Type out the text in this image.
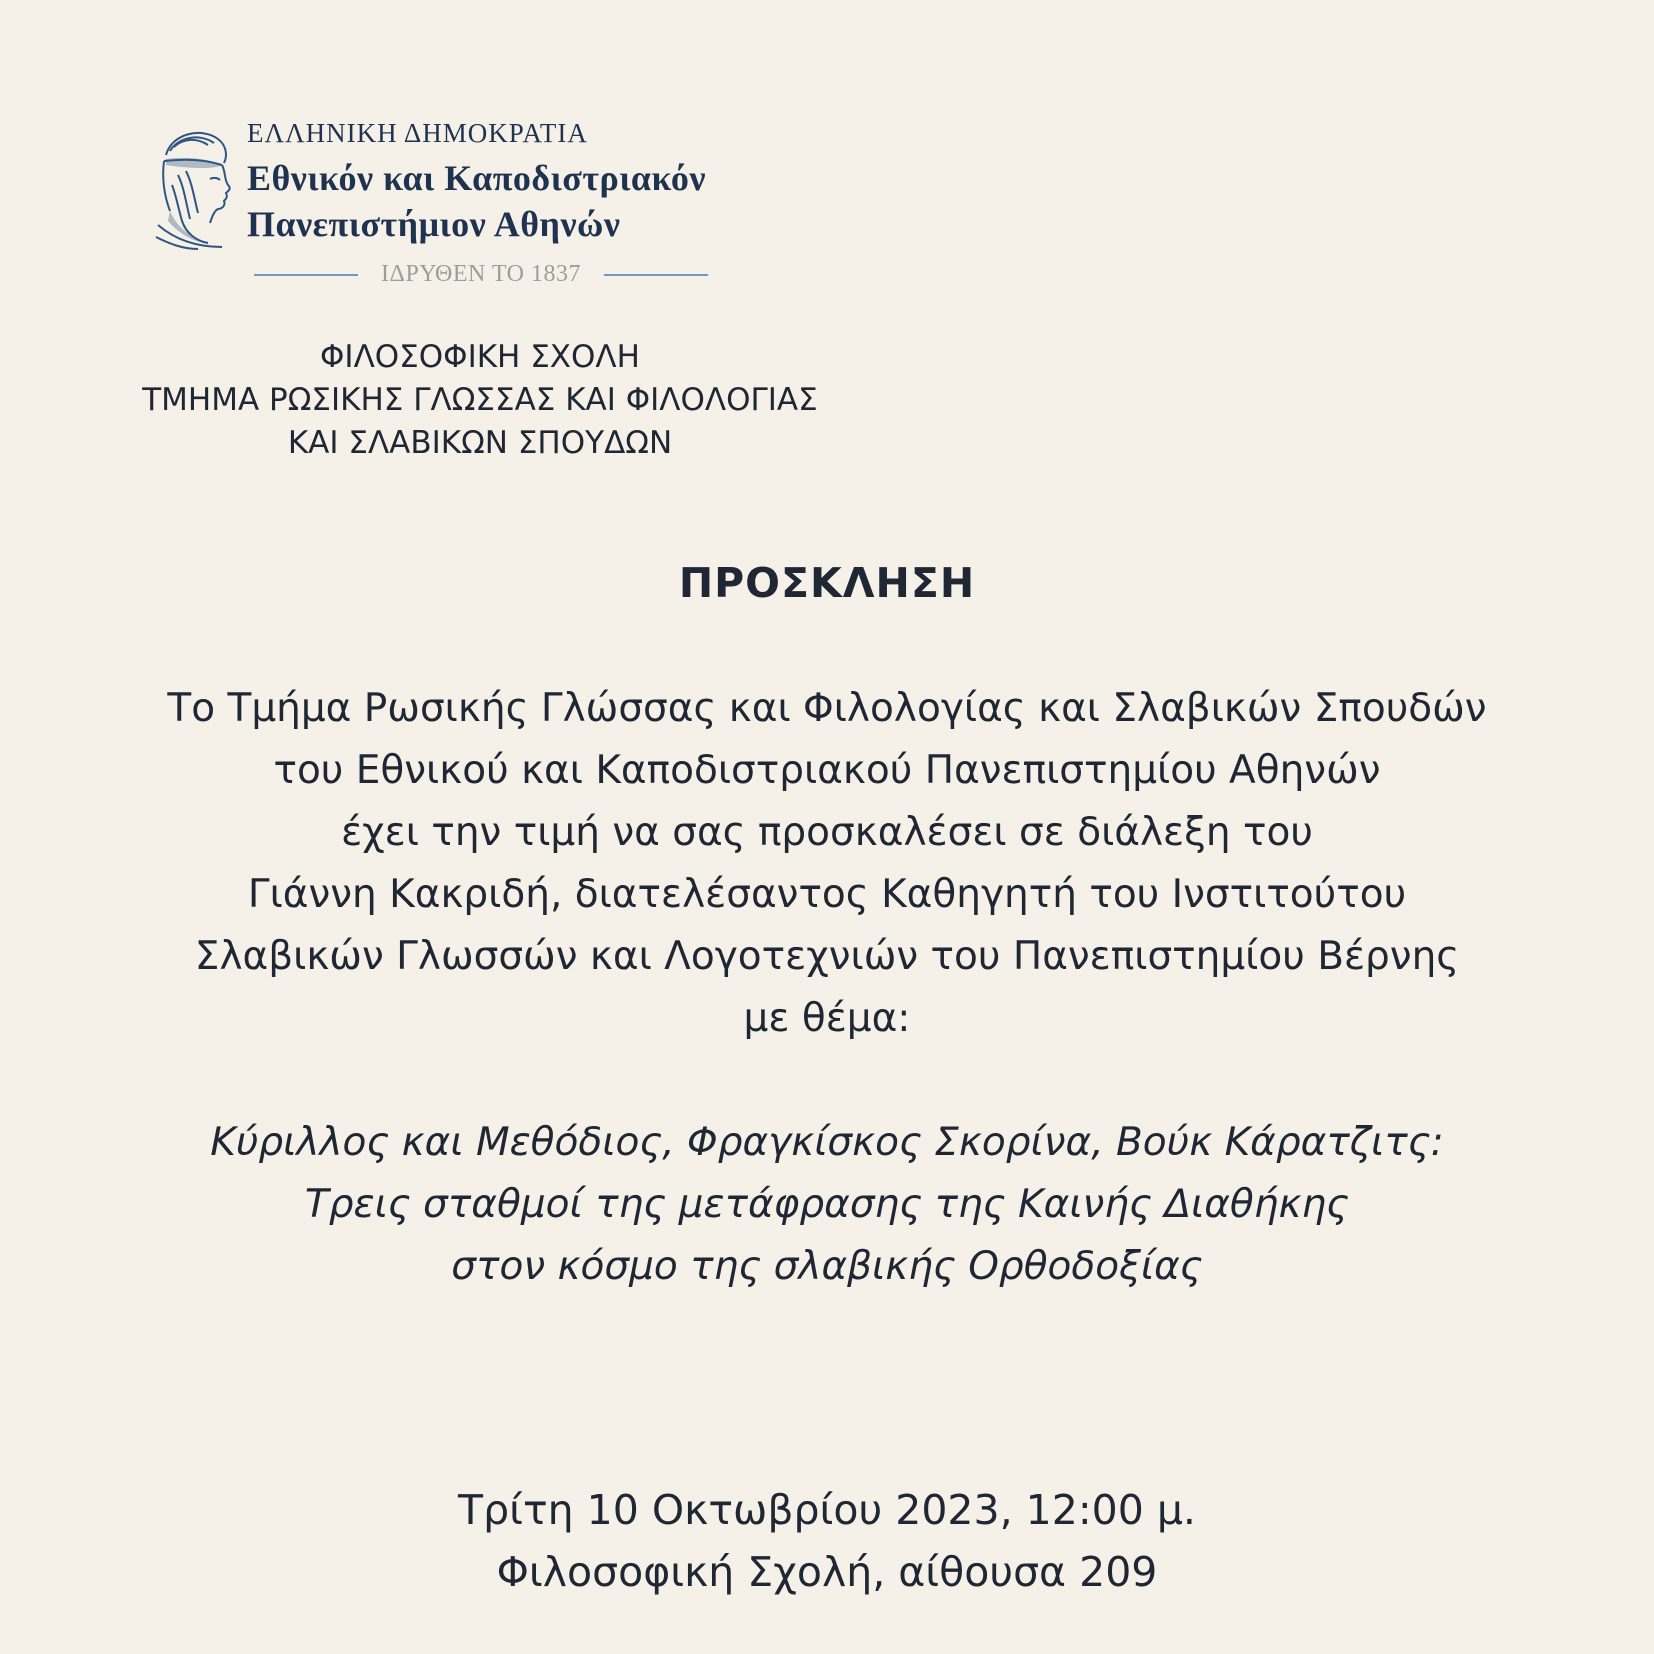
ΕΛΛΗΝΙΚΗ ΔΗΜΟΚΡΑΤΙΑ
Εθνικόν και Καποδιστριακόν
Πανεπιστήμιον Αθηνών
ΙΔΡΥΘΕΝ ΤΟ 1837
ΦΙΛΟΣΟΦΙΚΗ ΣΧΟΛΗ
ΤΜΗΜΑ ΡΩΣΙΚΗΣ ΓΛΩΣΣΑΣ ΚΑΙ ΦΙΛΟΛΟΓΙΑΣ
ΚΑΙ ΣΛΑΒΙΚΩΝ ΣΠΟΥΔΩΝ
ΠΡΟΣΚΛΗΣΗ
Το Τμήμα Ρωσικής Γλώσσας και Φιλολογίας και Σλαβικών Σπουδών
του Εθνικού και Καποδιστριακού Πανεπιστημίου Αθηνών
έχει την τιμή να σας προσκαλέσει σε διάλεξη του
Γιάννη Κακριδή, διατελέσαντος Καθηγητή του Ινστιτούτου
Σλαβικών Γλωσσών και Λογοτεχνιών του Πανεπιστημίου Βέρνης
με θέμα:
Κύριλλος και Μεθόδιος, Φραγκίσκος Σκορίνα, Βούκ Κάρατζιτς:
Τρεις σταθμοί της μετάφρασης της Καινής Διαθήκης
στον κόσμο της σλαβικής Ορθοδοξίας
Τρίτη 10 Οκτωβρίου 2023, 12:00 μ.
Φιλοσοφική Σχολή, αίθουσα 209
